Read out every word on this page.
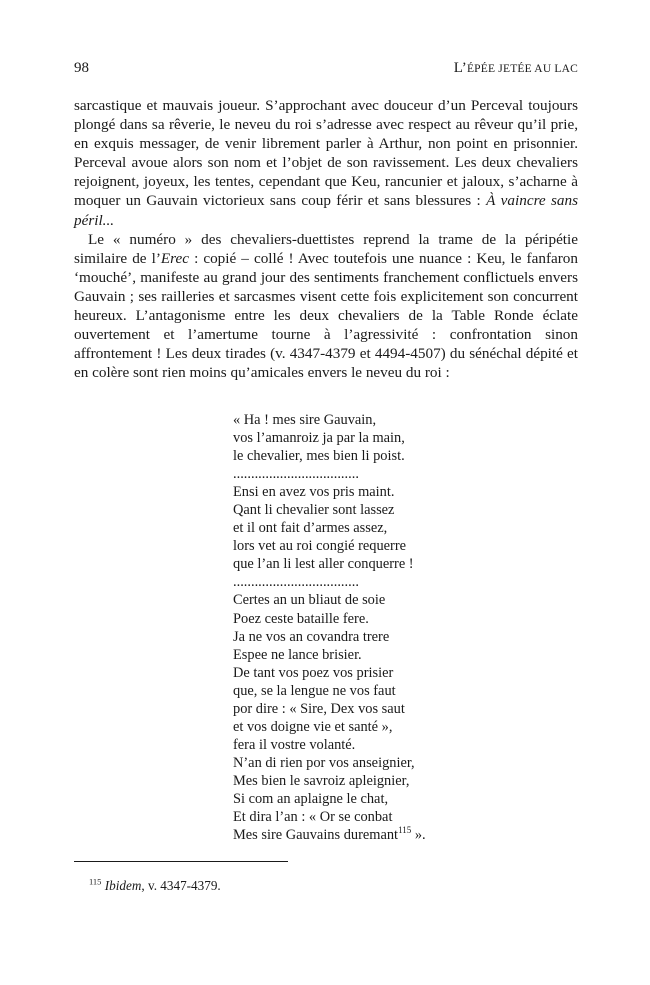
98	L’ÉPÉE JETÉE AU LAC

sarcastique et mauvais joueur. S’approchant avec douceur d’un Perceval toujours plongé dans sa rêverie, le neveu du roi s’adresse avec respect au rêveur qu’il prie, en exquis messager, de venir librement parler à Arthur, non point en prisonnier. Perceval avoue alors son nom et l’objet de son ravissement. Les deux chevaliers rejoignent, joyeux, les tentes, cependant que Keu, rancunier et jaloux, s’acharne à moquer un Gauvain victorieux sans coup férir et sans blessures : À vaincre sans péril...

Le « numéro » des chevaliers-duettistes reprend la trame de la péripétie similaire de l’Erec : copié – collé ! Avec toutefois une nuance : Keu, le fanfaron ‘mouché’, manifeste au grand jour des sentiments franchement conflictuels envers Gauvain ; ses railleries et sarcasmes visent cette fois explicitement son concurrent heureux. L’antagonisme entre les deux chevaliers de la Table Ronde éclate ouvertement et l’amertume tourne à l’agressivité : confrontation sinon affrontement ! Les deux tirades (v. 4347-4379 et 4494-4507) du sénéchal dépité et en colère sont rien moins qu’amicales envers le neveu du roi :

« Ha ! mes sire Gauvain,
vos l’amanroiz ja par la main,
le chevalier, mes bien li poist.
...................................
Ensi en avez vos pris maint.
Qant li chevalier sont lassez
et il ont fait d’armes assez,
lors vet au roi congié requerre
que l’an li lest aller conquerre !
...................................
Certes an un bliaut de soie
Poez ceste bataille fere.
Ja ne vos an covandra trere
Espee ne lance brisier.
De tant vos poez vos prisier
que, se la lengue ne vos faut
por dire : « Sire, Dex vos saut
et vos doigne vie et santé »,
fera il vostre volanté.
N’an di rien por vos anseignier,
Mes bien le savroiz apleignier,
Si com an aplaigne le chat,
Et dira l’an : « Or se conbat
Mes sire Gauvains duremant$^{115}$ ».
$^{115}$ Ibidem, v. 4347-4379.
